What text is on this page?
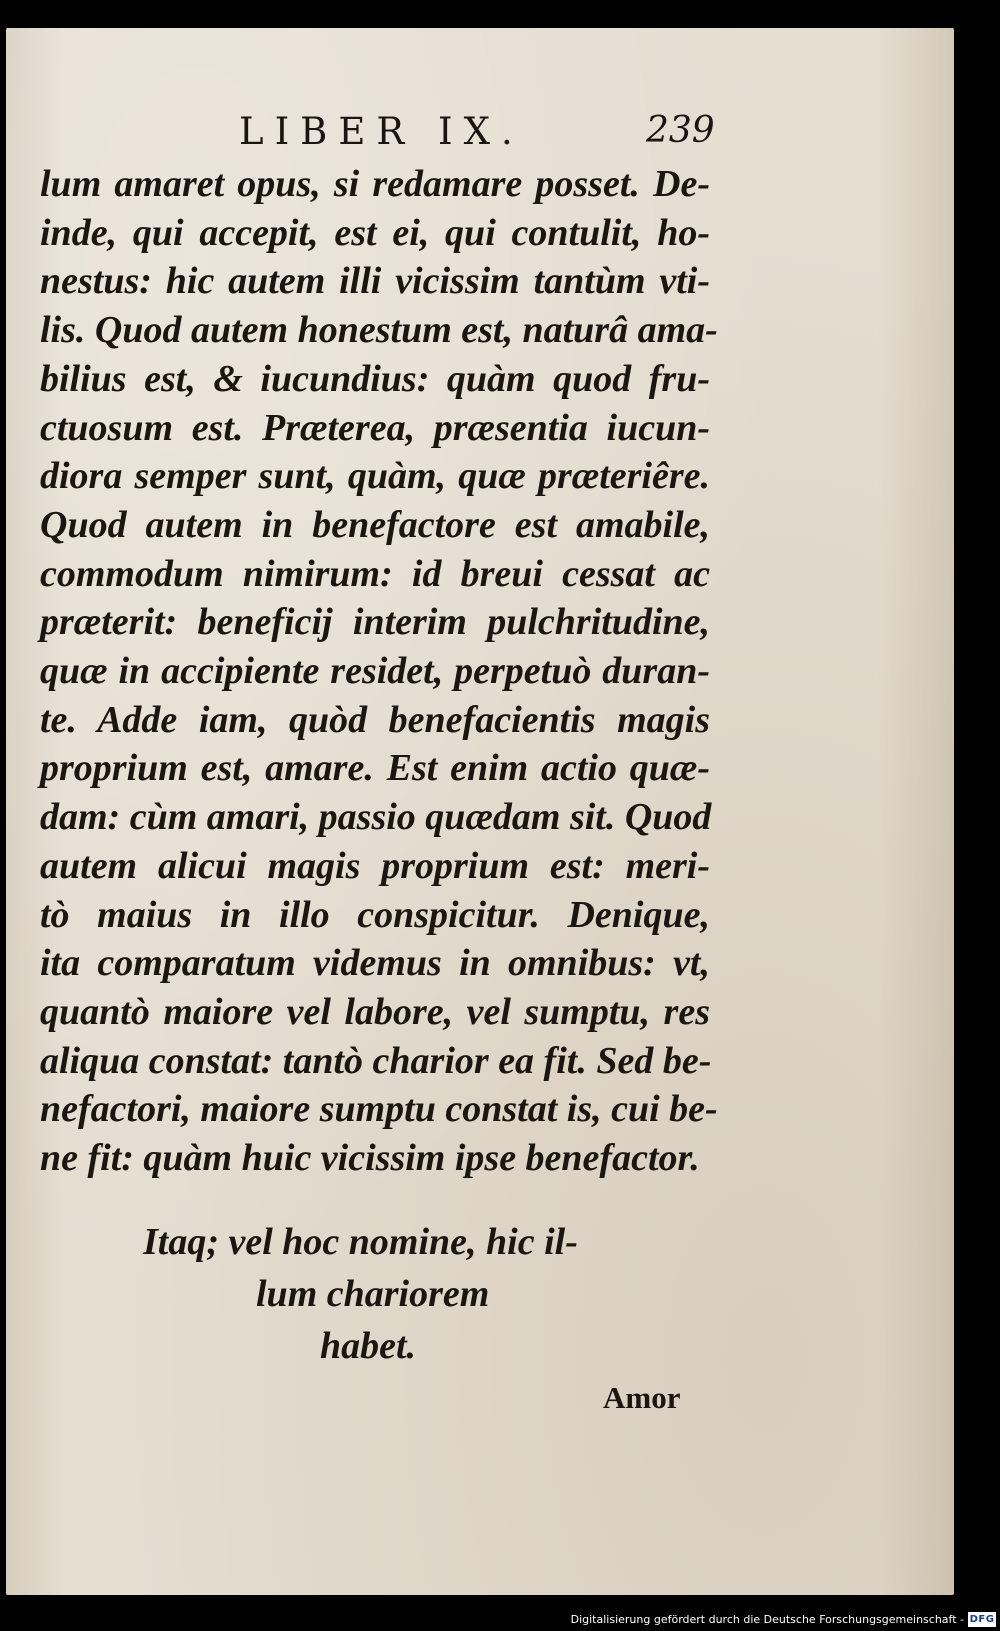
LIBER IX.	239
lum amaret opus, si redamare posset. De-
inde, qui accepit, est ei, qui contulit, ho-
nestus: hic autem illi vicissim tantùm vti-
lis. Quod autem honestum est, naturâ ama-
bilius est, & iucundius: quàm quod fru-
ctuosum est. Præterea, præsentia iucun-
diora semper sunt, quàm, quæ præteriêre.
Quod autem in benefactore est amabile,
commodum nimirum: id breui cessat ac
præterit: beneficij interim pulchritudine,
quæ in accipiente residet, perpetuò duran-
te. Adde iam, quòd benefacientis magis
proprium est, amare. Est enim actio quæ-
dam: cùm amari, passio quædam sit. Quod
autem alicui magis proprium est: meri-
tò maius in illo conspicitur. Denique,
ita comparatum videmus in omnibus: vt,
quantò maiore vel labore, vel sumptu, res
aliqua constat: tantò charior ea fit. Sed be-
nefactori, maiore sumptu constat is, cui be-
ne fit: quàm huic vicissim ipse benefactor.
Itaq; vel hoc nomine, hic il-
lum chariorem
habet.
Amor
Digitalisierung gefördert durch die Deutsche Forschungsgemeinschaft - DFG
